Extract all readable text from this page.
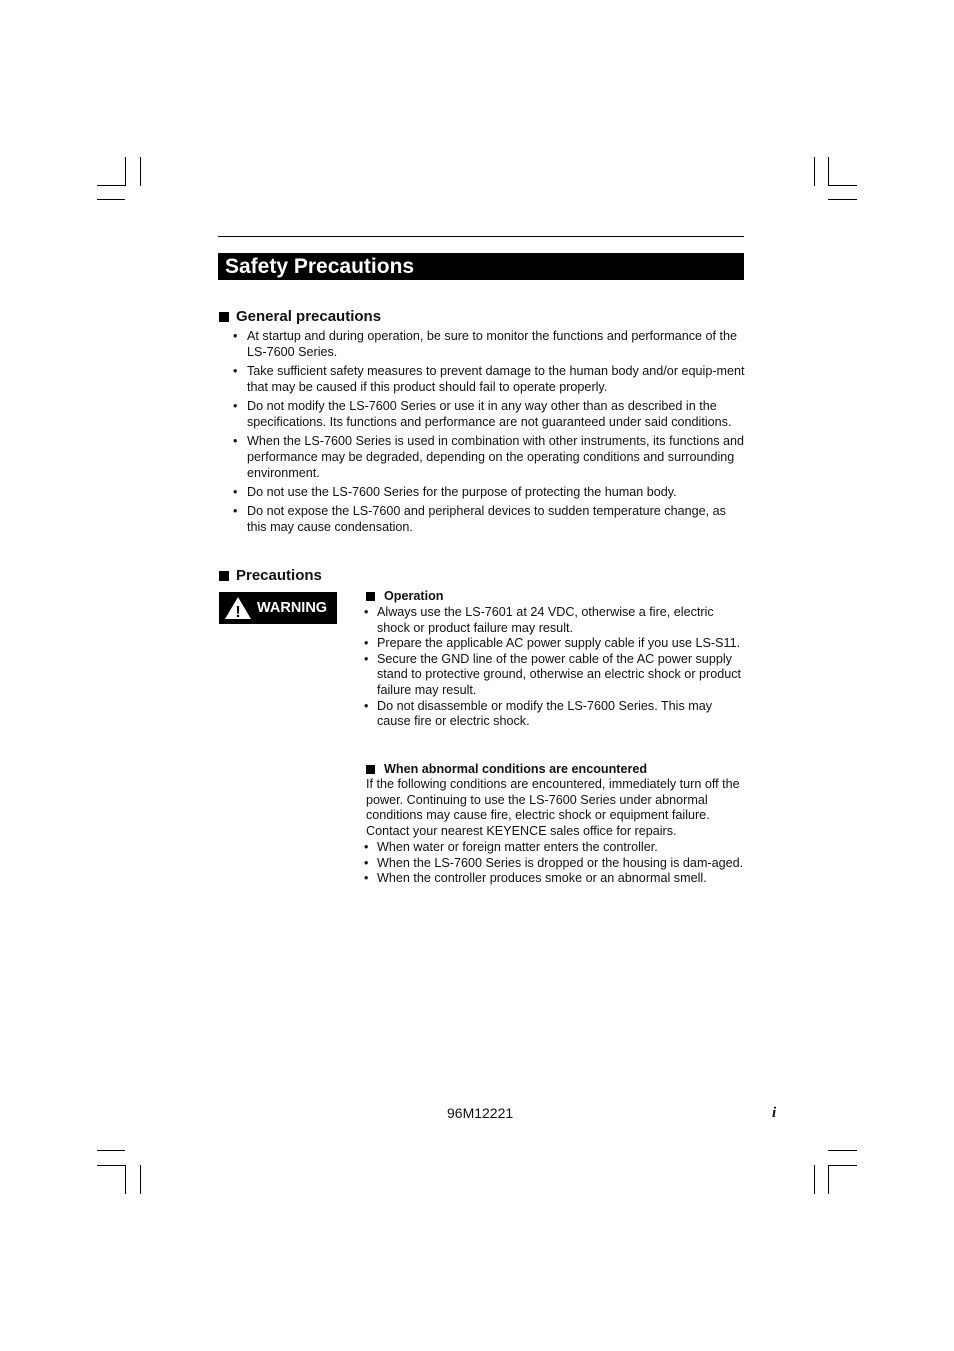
Safety Precautions
General precautions
• At startup and during operation, be sure to monitor the functions and performance of the LS-7600 Series.
• Take sufficient safety measures to prevent damage to the human body and/or equip-ment that may be caused if this product should fail to operate properly.
• Do not modify the LS-7600 Series or use it in any way other than as described in the specifications. Its functions and performance are not guaranteed under said conditions.
• When the LS-7600 Series is used in combination with other instruments, its functions and performance may be degraded, depending on the operating conditions and surrounding environment.
• Do not use the LS-7600 Series for the purpose of protecting the human body.
• Do not expose the LS-7600 and peripheral devices to sudden temperature change, as this may cause condensation.
Precautions
! WARNING
Operation
• Always use the LS-7601 at 24 VDC, otherwise a fire, electric shock or product failure may result.
• Prepare the applicable AC power supply cable if you use LS-S11.
• Secure the GND line of the power cable of the AC power supply stand to protective ground, otherwise an electric shock or product failure may result.
• Do not disassemble or modify the LS-7600 Series. This may cause fire or electric shock.
When abnormal conditions are encountered

If the following conditions are encountered, immediately turn off the power. Continuing to use the LS-7600 Series under abnormal conditions may cause fire, electric shock or equipment failure. Contact your nearest KEYENCE sales office for repairs.

• When water or foreign matter enters the controller.
• When the LS-7600 Series is dropped or the housing is dam-aged.
• When the controller produces smoke or an abnormal smell.
96M12221	i
